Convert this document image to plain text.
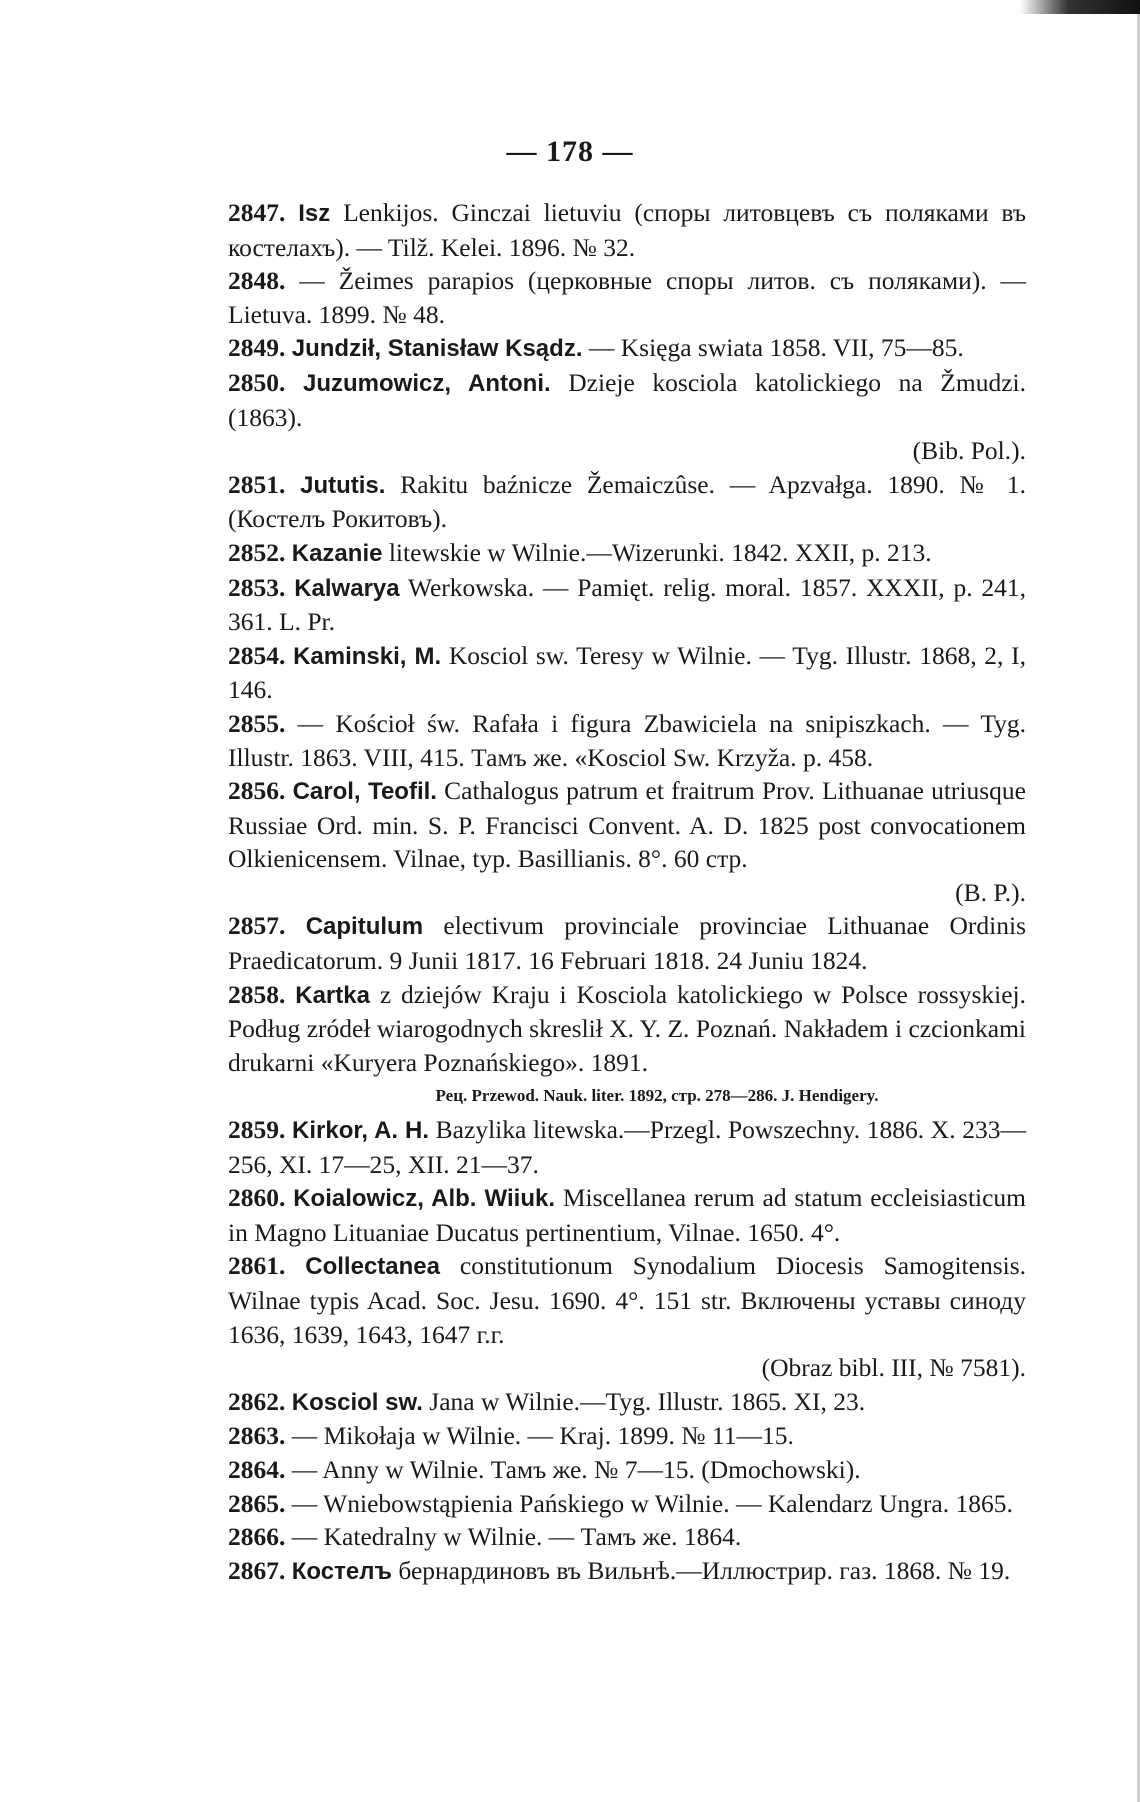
— 178 —

2847. Isz Lenkijos. Ginczai lietuviu (споры литовцевъ съ поляками въ костелахъ). — Tilž. Kelei. 1896. № 32.

2848. — Žeimes parapios (церковные споры литов. съ поляками). — Lietuva. 1899. № 48.

2849. Jundził, Stanisław Ksądz. — Księga swiata 1858. VII, 75—85.

2850. Juzumowicz, Antoni. Dzieje kosciola katolickiego na Žmudzi. (1863).

(Bib. Pol.).

2851. Jututis. Rakitu baźnicze Žemaiczûse. — Apzvałga. 1890. № 1. (Костелъ Рокитовъ).

2852. Kazanie litewskie w Wilnie.—Wizerunki. 1842. XXII, p. 213.

2853. Kalwarya Werkowska. — Pamięt. relig. moral. 1857. XXXII, p. 241, 361. L. Pr.

2854. Kaminski, M. Kosciol sw. Teresy w Wilnie. — Tyg. Illustr. 1868, 2, I, 146.

2855. — Kościoł św. Rafała i figura Zbawiciela na snipiszkach. — Tyg. Illustr. 1863. VIII, 415. Тамъ же. «Kosciol Sw. Krzyža. p. 458.

2856. Carol, Teofil. Cathalogus patrum et fraitrum Prov. Lithuanae utriusque Russiae Ord. min. S. P. Francisci Convent. A. D. 1825 post convocationem Olkienicensem. Vilnae, typ. Basillianis. 8°. 60 стр.

(B. P.).

2857. Capitulum electivum provinciale provinciae Lithuanae Ordinis Praedicatorum. 9 Junii 1817. 16 Februari 1818. 24 Juniu 1824.

2858. Kartka z dziejów Kraju i Kosciola katolickiego w Polsce rossyskiej. Podług zródeł wiarogodnych skreslił X. Y. Z. Poznań. Nakładem i czcionkami drukarni «Kuryera Poznańskiego». 1891.

Рец. Przewod. Nauk. liter. 1892, стр. 278—286. J. Hendigery.

2859. Kirkor, A. H. Bazylika litewska.—Przegl. Powszechny. 1886. X. 233—256, XI. 17—25, XII. 21—37.

2860. Koialowicz, Alb. Wiiuk. Miscellanea rerum ad statum eccleisiasticum in Magno Lituaniae Ducatus pertinentium, Vilnae. 1650. 4°.

2861. Collectanea constitutionum Synodalium Diocesis Samogitensis. Wilnae typis Acad. Soc. Jesu. 1690. 4°. 151 str. Включены уставы синоду 1636, 1639, 1643, 1647 г.г.

(Obraz bibl. III, № 7581).

2862. Kosciol sw. Jana w Wilnie.—Tyg. Illustr. 1865. XI, 23.

2863. — Mikołaja w Wilnie. — Kraj. 1899. № 11—15.

2864. — Anny w Wilnie. Тамъ же. № 7—15. (Dmochowski).

2865. — Wniebowstąpienia Pańskiego w Wilnie. — Kalendarz Ungra. 1865.

2866. — Katedralny w Wilnie. — Тамъ же. 1864.

2867. Костелъ бернардиновъ въ Вильнѣ.—Иллюстрир. газ. 1868. № 19.
